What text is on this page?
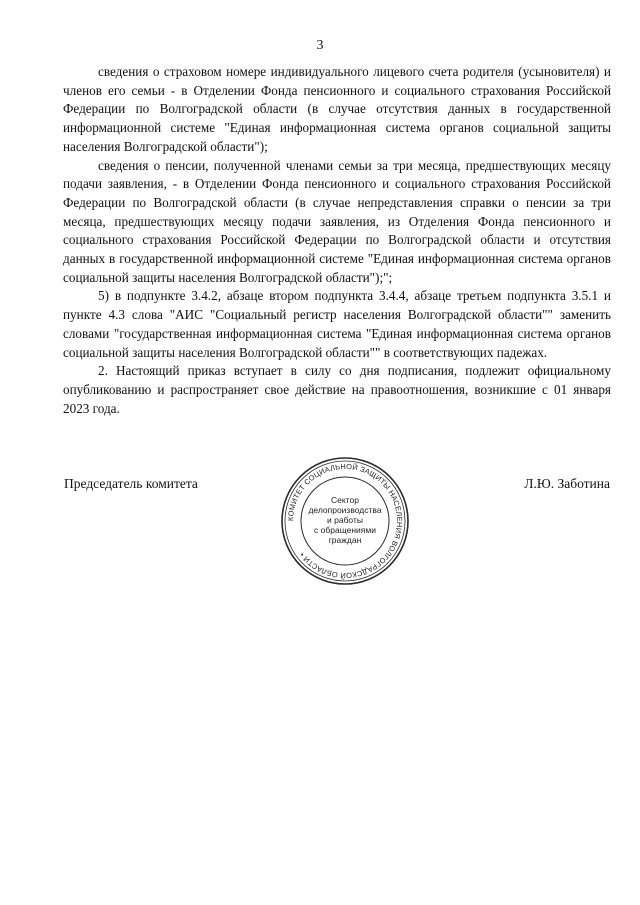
3

сведения о страховом номере индивидуального лицевого счета родителя (усыновителя) и членов его семьи - в Отделении Фонда пенсионного и социального страхования Российской Федерации по Волгоградской области (в случае отсутствия данных в государственной информационной системе "Единая информационная система органов социальной защиты населения Волгоградской области");

сведения о пенсии, полученной членами семьи за три месяца, предшествующих месяцу подачи заявления, - в Отделении Фонда пенсионного и социального страхования Российской Федерации по Волгоградской области (в случае непредставления справки о пенсии за три месяца, предшествующих месяцу подачи заявления, из Отделения Фонда пенсионного и социального страхования Российской Федерации по Волгоградской области и отсутствия данных в государственной информационной системе "Единая информационная система органов социальной защиты населения Волгоградской области");";

5) в подпункте 3.4.2, абзаце втором подпункта 3.4.4, абзаце третьем подпункта 3.5.1 и пункте 4.3 слова "АИС "Социальный регистр населения Волгоградской области"" заменить словами "государственная информационная система "Единая информационная система органов социальной защиты населения Волгоградской области"" в соответствующих падежах.

2. Настоящий приказ вступает в силу со дня подписания, подлежит официальному опубликованию и распространяет свое действие на правоотношения, возникшие с 01 января 2023 года.

Председатель комитета	Л.Ю. Заботина
КОМИТЕТ СОЦИАЛЬНОЙ ЗАЩИТЫ НАСЕЛЕНИЯ ВОЛГОГРАДСКОЙ ОБЛАСТИ •
Сектор
делопроизводства
и работы
с обращениями
граждан
